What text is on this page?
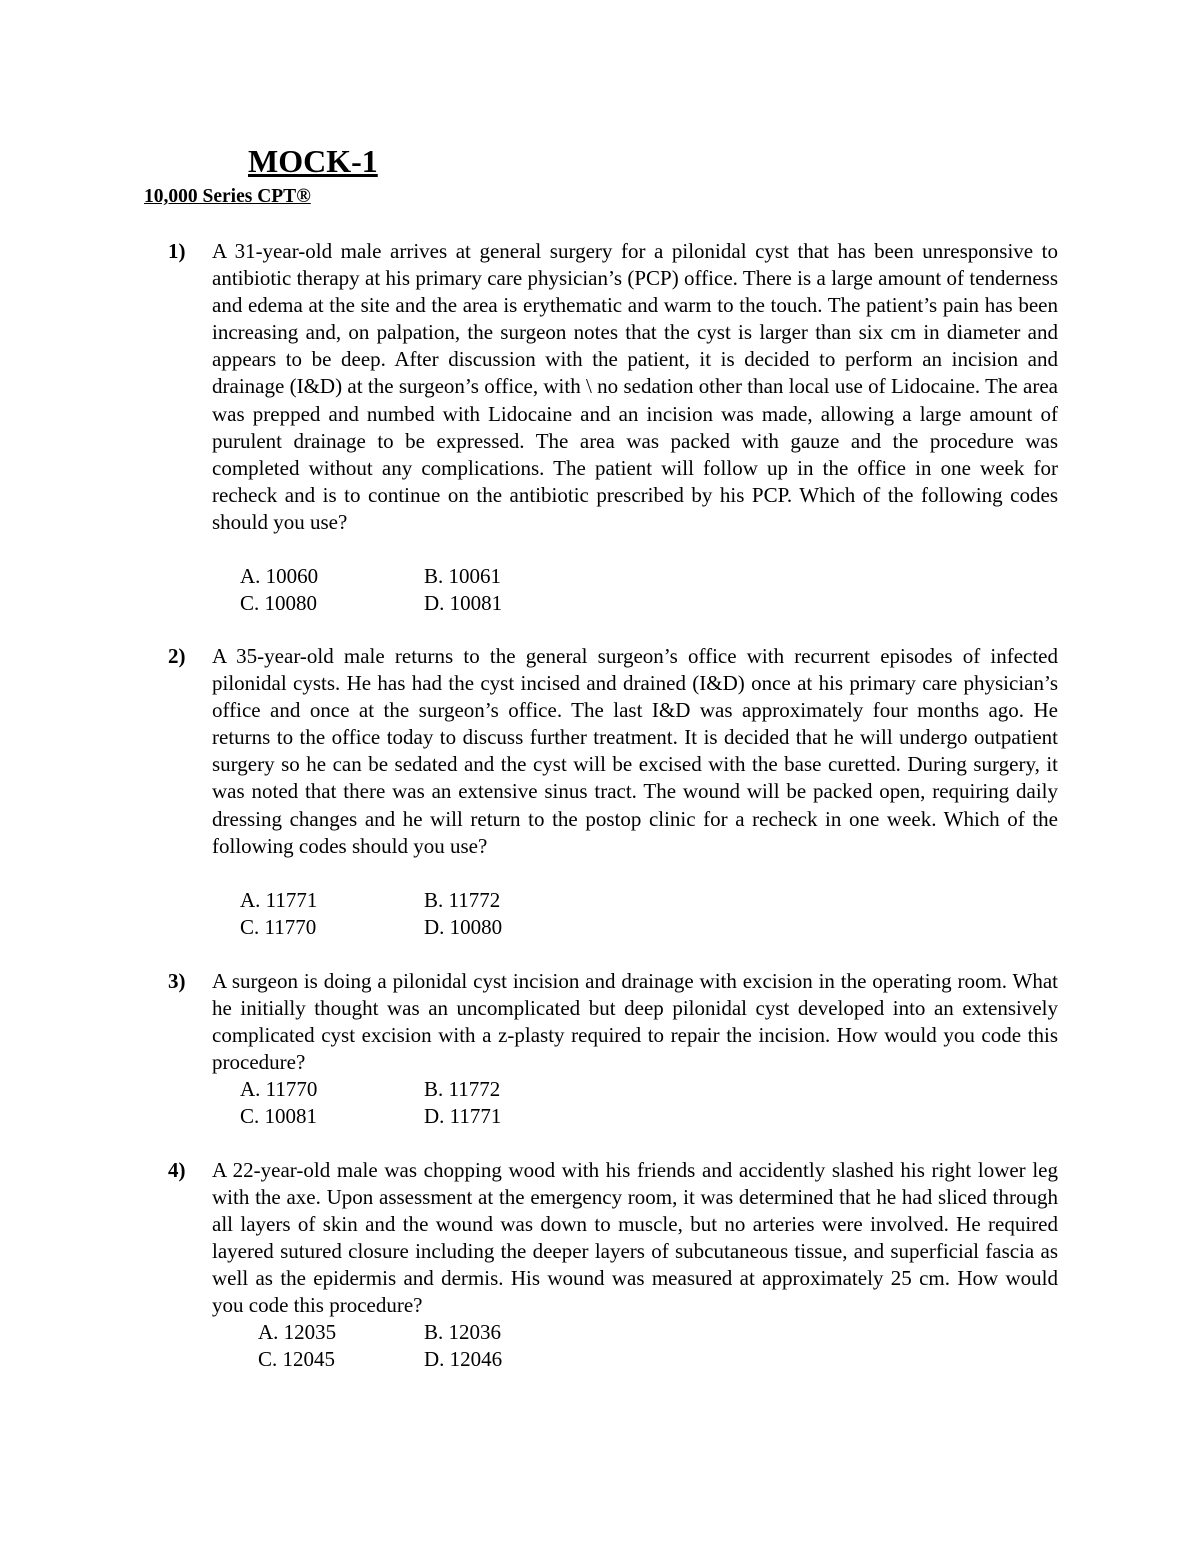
MOCK-1
10,000 Series CPT®
1) A 31-year-old male arrives at general surgery for a pilonidal cyst that has been unresponsive to antibiotic therapy at his primary care physician’s (PCP) office. There is a large amount of tenderness and edema at the site and the area is erythematic and warm to the touch. The patient’s pain has been increasing and, on palpation, the surgeon notes that the cyst is larger than six cm in diameter and appears to be deep. After discussion with the patient, it is decided to perform an incision and drainage (I&D) at the surgeon’s office, with \ no sedation other than local use of Lidocaine. The area was prepped and numbed with Lidocaine and an incision was made, allowing a large amount of purulent drainage to be expressed. The area was packed with gauze and the procedure was completed without any complications. The patient will follow up in the office in one week for recheck and is to continue on the antibiotic prescribed by his PCP. Which of the following codes should you use?

A. 10060	B. 10061
C. 10080	D. 10081
2) A 35-year-old male returns to the general surgeon’s office with recurrent episodes of infected pilonidal cysts. He has had the cyst incised and drained (I&D) once at his primary care physician’s office and once at the surgeon’s office. The last I&D was approximately four months ago. He returns to the office today to discuss further treatment. It is decided that he will undergo outpatient surgery so he can be sedated and the cyst will be excised with the base curetted. During surgery, it was noted that there was an extensive sinus tract. The wound will be packed open, requiring daily dressing changes and he will return to the postop clinic for a recheck in one week. Which of the following codes should you use?

A. 11771	B. 11772
C. 11770	D. 10080
3) A surgeon is doing a pilonidal cyst incision and drainage with excision in the operating room. What he initially thought was an uncomplicated but deep pilonidal cyst developed into an extensively complicated cyst excision with a z-plasty required to repair the incision. How would you code this procedure?

A. 11770	B. 11772
C. 10081	D. 11771
4) A 22-year-old male was chopping wood with his friends and accidently slashed his right lower leg with the axe. Upon assessment at the emergency room, it was determined that he had sliced through all layers of skin and the wound was down to muscle, but no arteries were involved. He required layered sutured closure including the deeper layers of subcutaneous tissue, and superficial fascia as well as the epidermis and dermis. His wound was measured at approximately 25 cm. How would you code this procedure?

A. 12035	B. 12036
C. 12045	D. 12046
